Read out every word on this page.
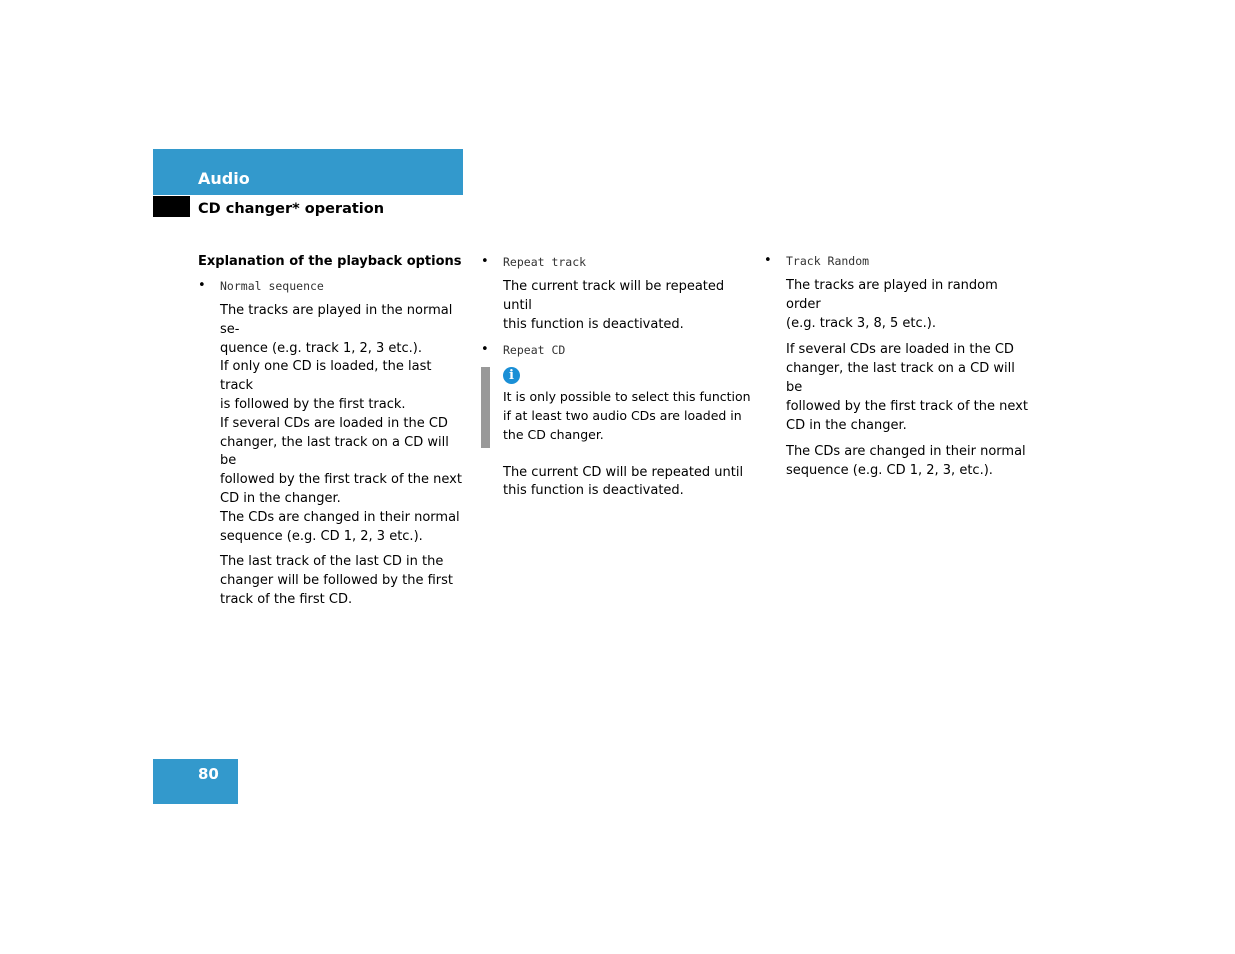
Audio
CD changer* operation
Explanation of the playback options
• Normal sequence
The tracks are played in the normal se-
quence (e.g. track 1, 2, 3 etc.).
If only one CD is loaded, the last track
is followed by the first track.
If several CDs are loaded in the CD
changer, the last track on a CD will be
followed by the first track of the next
CD in the changer.
The CDs are changed in their normal
sequence (e.g. CD 1, 2, 3 etc.).
The last track of the last CD in the
changer will be followed by the first
track of the first CD.
• Repeat track
The current track will be repeated until
this function is deactivated.
• Repeat CD
i
It is only possible to select this function
if at least two audio CDs are loaded in
the CD changer.
The current CD will be repeated until
this function is deactivated.
• Track Random
The tracks are played in random order
(e.g. track 3, 8, 5 etc.).
If several CDs are loaded in the CD
changer, the last track on a CD will be
followed by the first track of the next
CD in the changer.
The CDs are changed in their normal
sequence (e.g. CD 1, 2, 3, etc.).
80
